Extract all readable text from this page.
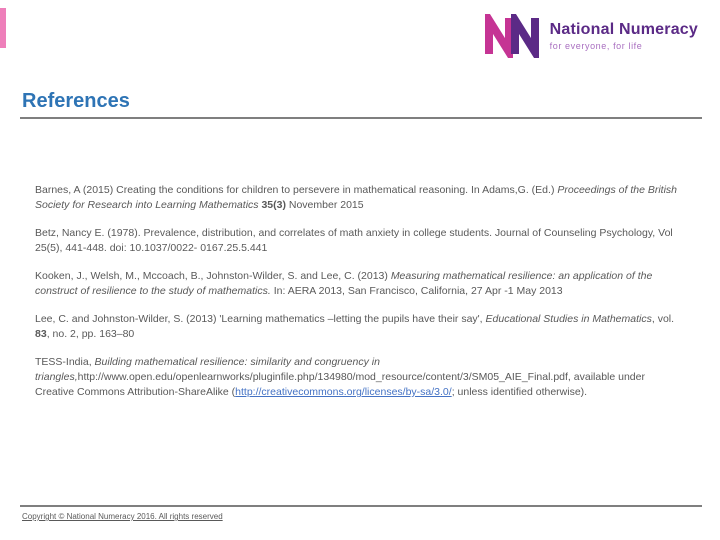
National Numeracy
for everyone, for life
References

Barnes, A (2015) Creating the conditions for children to persevere in mathematical reasoning. In Adams,G. (Ed.) Proceedings of the British Society for Research into Learning Mathematics 35(3) November 2015

Betz, Nancy E. (1978). Prevalence, distribution, and correlates of math anxiety in college students. Journal of Counseling Psychology, Vol 25(5), 441-448. doi: 10.1037/0022- 0167.25.5.441

Kooken, J., Welsh, M., Mccoach, B., Johnston-Wilder, S. and Lee, C. (2013) Measuring mathematical resilience: an application of the construct of resilience to the study of mathematics. In: AERA 2013, San Francisco, California, 27 Apr -1 May 2013

Lee, C. and Johnston-Wilder, S. (2013) 'Learning mathematics –letting the pupils have their say', Educational Studies in Mathematics, vol. 83, no. 2, pp. 163–80

TESS-India, Building mathematical resilience: similarity and congruency in triangles,http://www.open.edu/openlearnworks/pluginfile.php/134980/mod_resource/content/3/SM05_AIE_Final.pdf, available under Creative Commons Attribution-ShareAlike (http://creativecommons.org/licenses/by-sa/3.0/; unless identified otherwise).

Copyright © National Numeracy 2016. All rights reserved
